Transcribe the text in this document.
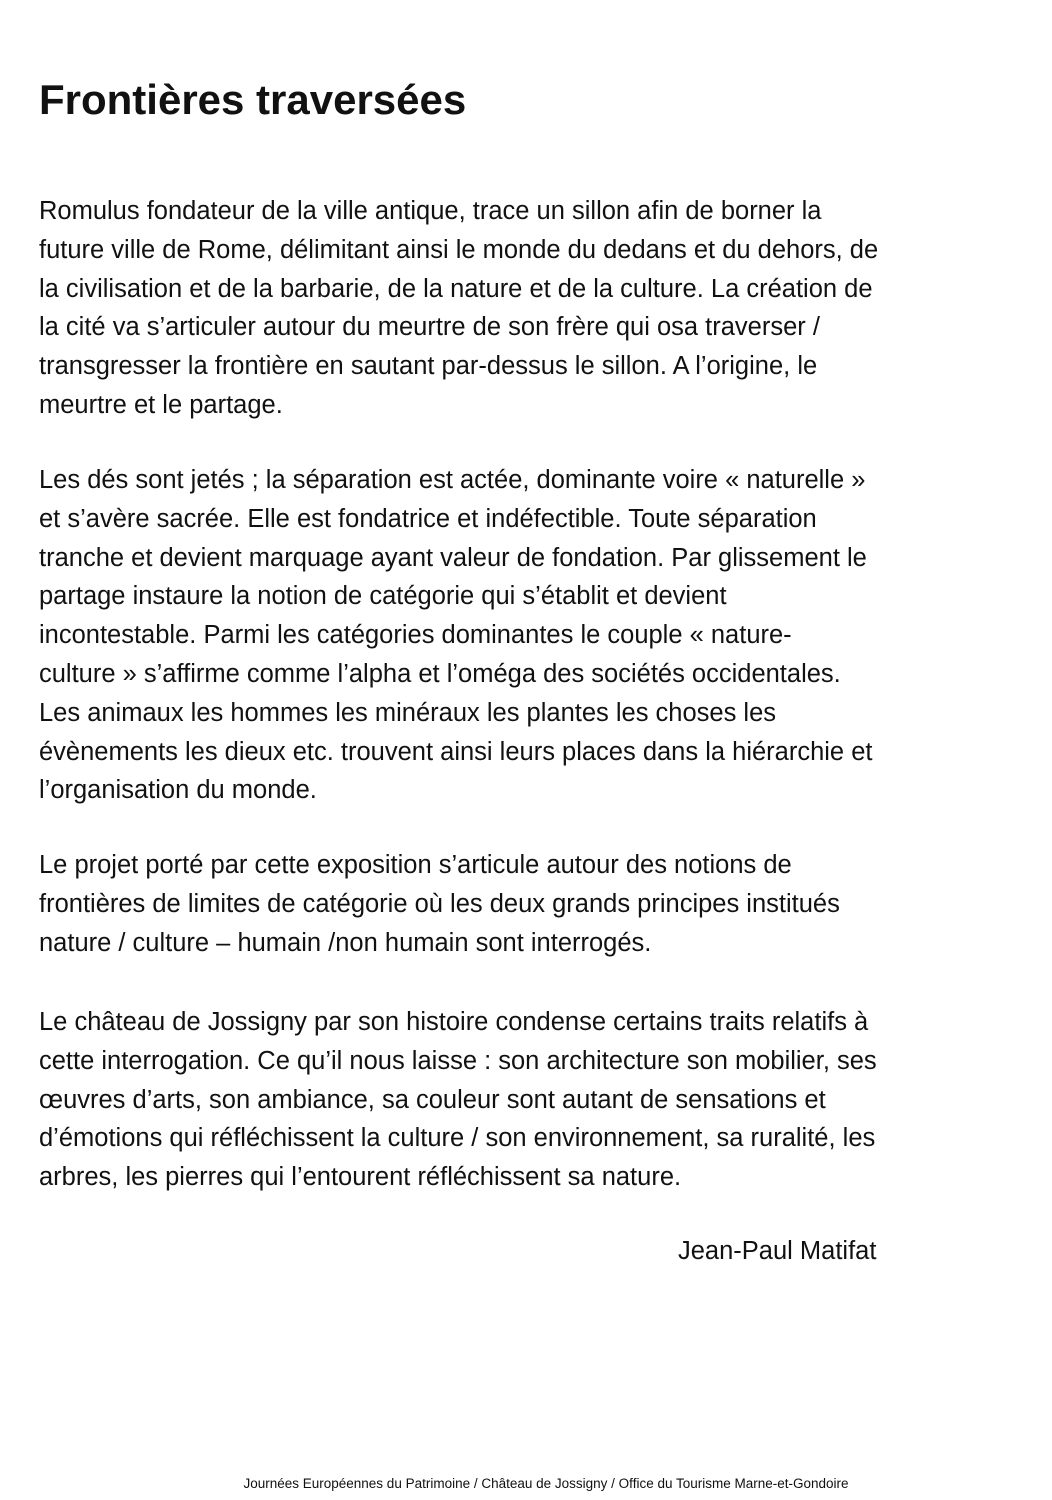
Frontières traversées

Romulus fondateur de la ville antique, trace un sillon afin de borner la
future ville de Rome, délimitant ainsi le monde du dedans et du dehors, de
la civilisation et de la barbarie, de la nature et de la culture. La création de
la cité va s’articuler autour du meurtre de son frère qui osa traverser /
transgresser la frontière en sautant par-dessus le sillon. A l’origine, le
meurtre et le partage.

Les dés sont jetés ; la séparation est actée, dominante voire « naturelle »
et s’avère sacrée. Elle est fondatrice et indéfectible. Toute séparation
tranche et devient marquage ayant valeur de fondation. Par glissement le
partage instaure la notion de catégorie qui s’établit et devient
incontestable. Parmi les catégories dominantes le couple « nature-
culture » s’affirme comme l’alpha et l’oméga des sociétés occidentales.
Les animaux les hommes les minéraux les plantes les choses les
évènements les dieux etc. trouvent ainsi leurs places dans la hiérarchie et
l’organisation du monde.

Le projet porté par cette exposition s’articule autour des notions de
frontières de limites de catégorie où les deux grands principes institués
nature / culture – humain /non humain sont interrogés.

Le château de Jossigny par son histoire condense certains traits relatifs à
cette interrogation. Ce qu’il nous laisse : son architecture son mobilier, ses
œuvres d’arts, son ambiance, sa couleur sont autant de sensations et
d’émotions qui réfléchissent la culture / son environnement, sa ruralité, les
arbres, les pierres qui l’entourent réfléchissent sa nature.

Jean-Paul Matifat

Journées Européennes du Patrimoine / Château de Jossigny / Office du Tourisme Marne-et-Gondoire
